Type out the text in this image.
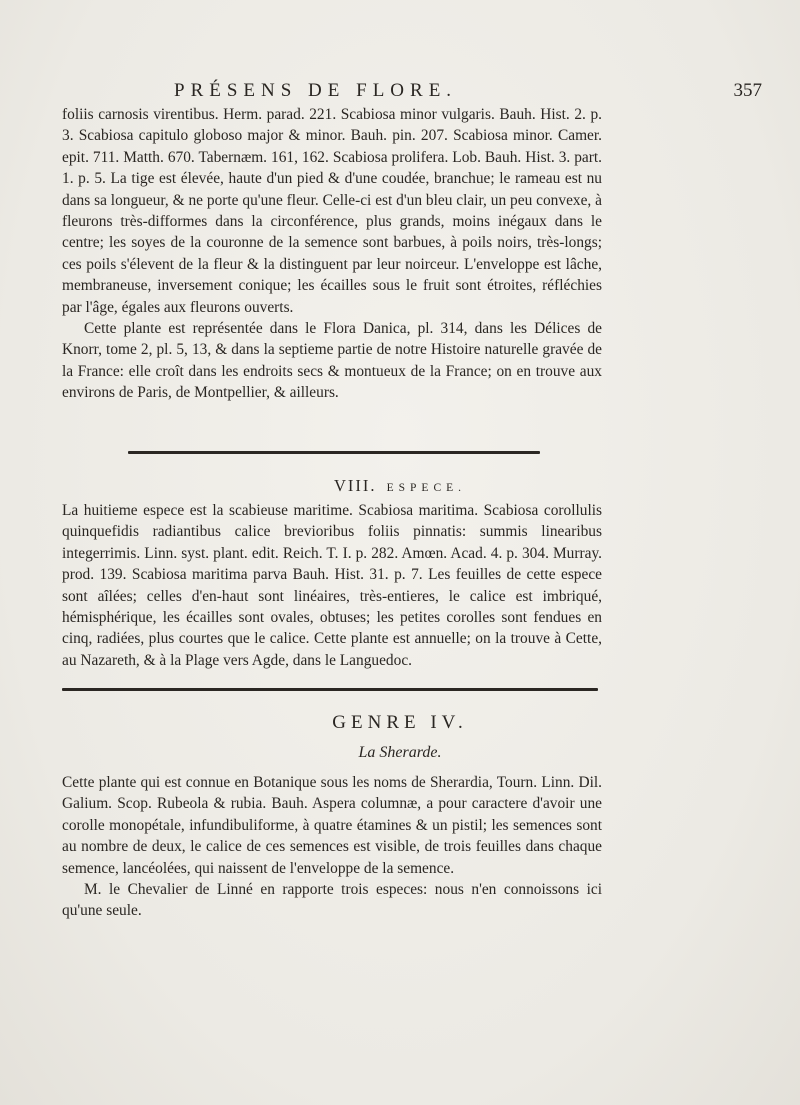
PRÉSENS DE FLORE.	357

foliis carnosis virentibus. Herm. parad. 221. Scabiosa minor vulgaris. Bauh. Hist. 2. p. 3. Scabiosa capitulo globoso major & minor. Bauh. pin. 207. Scabiosa minor. Camer. epit. 711. Matth. 670. Tabernæm. 161, 162. Scabiosa prolifera. Lob. Bauh. Hist. 3. part. 1. p. 5. La tige est élevée, haute d'un pied & d'une coudée, branchue; le rameau est nu dans sa longueur, & ne porte qu'une fleur. Celle-ci est d'un bleu clair, un peu convexe, à fleurons très-difformes dans la circonférence, plus grands, moins inégaux dans le centre; les soyes de la couronne de la semence sont barbues, à poils noirs, très-longs; ces poils s'élevent de la fleur & la distinguent par leur noirceur. L'enveloppe est lâche, membraneuse, inversement conique; les écailles sous le fruit sont étroites, réfléchies par l'âge, égales aux fleurons ouverts.

Cette plante est représentée dans le Flora Danica, pl. 314, dans les Délices de Knorr, tome 2, pl. 5, 13, & dans la septieme partie de notre Histoire naturelle gravée de la France: elle croît dans les endroits secs & montueux de la France; on en trouve aux environs de Paris, de Montpellier, & ailleurs.

VIII. ESPECE.

La huitieme espece est la scabieuse maritime. Scabiosa maritima. Scabiosa corollulis quinquefidis radiantibus calice brevioribus foliis pinnatis: summis linearibus integerrimis. Linn. syst. plant. edit. Reich. T. I. p. 282. Amœn. Acad. 4. p. 304. Murray. prod. 139. Scabiosa maritima parva Bauh. Hist. 31. p. 7. Les feuilles de cette espece sont aîlées; celles d'en-haut sont linéaires, très-entieres, le calice est imbriqué, hémisphérique, les écailles sont ovales, obtuses; les petites corolles sont fendues en cinq, radiées, plus courtes que le calice. Cette plante est annuelle; on la trouve à Cette, au Nazareth, & à la Plage vers Agde, dans le Languedoc.

GENRE IV.
La Sherarde.

Cette plante qui est connue en Botanique sous les noms de Sherardia, Tourn. Linn. Dil. Galium. Scop. Rubeola & rubia. Bauh. Aspera columnæ, a pour caractere d'avoir une corolle monopétale, infundibuliforme, à quatre étamines & un pistil; les semences sont au nombre de deux, le calice de ces semences est visible, de trois feuilles dans chaque semence, lancéolées, qui naissent de l'enveloppe de la semence.

M. le Chevalier de Linné en rapporte trois especes: nous n'en connoissons ici qu'une seule.
